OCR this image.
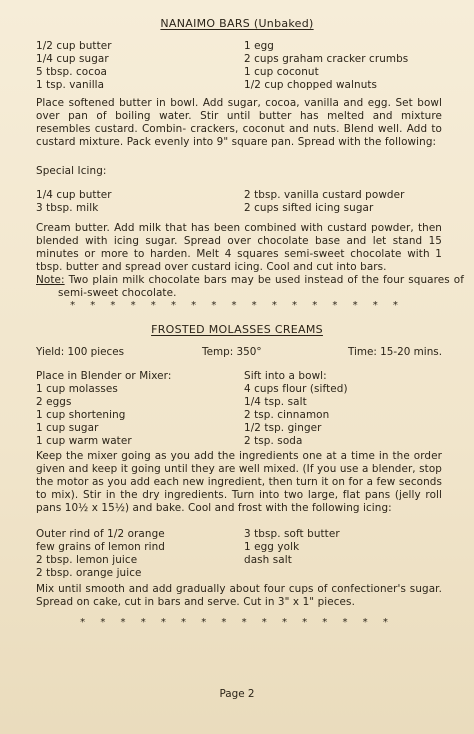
NANAIMO BARS (Unbaked)
1/2 cup butter
1/4 cup sugar
5 tbsp. cocoa
1 tsp. vanilla
1 egg
2 cups graham cracker crumbs
1 cup coconut
1/2 cup chopped walnuts
Place softened butter in bowl. Add sugar, cocoa, vanilla and egg. Set bowl over pan of boiling water. Stir until butter has melted and mixture resembles custard. Combin- crackers, coconut and nuts. Blend well. Add to custard mixture. Pack evenly into 9" square pan. Spread with the following:
Special Icing:
1/4 cup butter
3 tbsp. milk
2 tbsp. vanilla custard powder
2 cups sifted icing sugar
Cream butter. Add milk that has been combined with custard powder, then blended with icing sugar. Spread over chocolate base and let stand 15 minutes or more to harden. Melt 4 squares semi-sweet chocolate with 1 tbsp. butter and spread over custard icing. Cool and cut into bars.
Note: Two plain milk chocolate bars may be used instead of the four squares of semi-sweet chocolate.
* * * * * * * * * * * * * * * * *
FROSTED MOLASSES CREAMS
Yield: 100 pieces	Temp: 350°	Time: 15-20 mins.
Place in Blender or Mixer:
1 cup molasses
2 eggs
1 cup shortening
1 cup sugar
1 cup warm water
Sift into a bowl:
4 cups flour (sifted)
1/4 tsp. salt
2 tsp. cinnamon
1/2 tsp. ginger
2 tsp. soda
Keep the mixer going as you add the ingredients one at a time in the order given and keep it going until they are well mixed. (If you use a blender, stop the motor as you add each new ingredient, then turn it on for a few seconds to mix). Stir in the dry ingredients. Turn into two large, flat pans (jelly roll pans 10½ x 15½) and bake. Cool and frost with the following icing:
Outer rind of 1/2 orange
few grains of lemon rind
2 tbsp. lemon juice
2 tbsp. orange juice
3 tbsp. soft butter
1 egg yolk
dash salt
Mix until smooth and add gradually about four cups of confectioner's sugar. Spread on cake, cut in bars and serve. Cut in 3" x 1" pieces.
* * * * * * * * * * * * * * * *
Page 2
